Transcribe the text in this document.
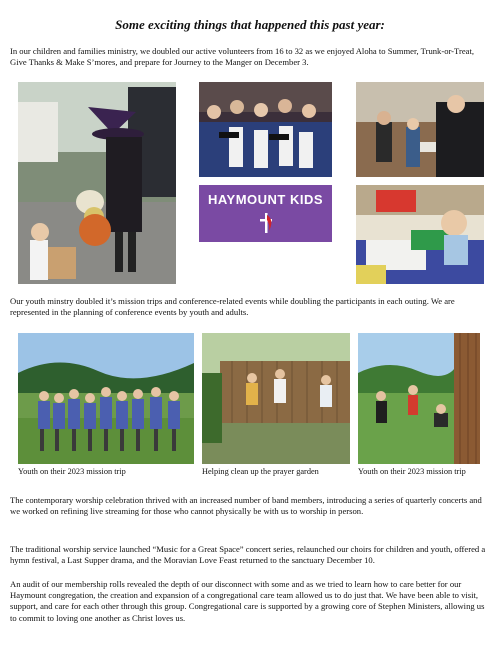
Some exciting things that happened this past year:
In our children and families ministry, we doubled our active volunteers from 16 to 32 as we enjoyed Aloha to Summer, Trunk-or-Treat, Give Thanks & Make S’mores, and prepare for Journey to the Manger on December 3.
HAYMOUNT KIDS
Our youth minstry doubled it’s mission trips and conference-related events while doubling the participants in each outing. We are represented in the planning of conference events by youth and adults.
Youth on their 2023 mission trip	Helping clean up the prayer garden	Youth on their 2023 mission trip
The contemporary worship celebration thrived with an increased number of band members, introducing a series of quarterly concerts and we worked on refining live streaming for those who cannot physically be with us to worship in person.
The traditional worship service launched “Music for a Great Space” concert series, relaunched our choirs for children and youth, offered a hymn festival, a Last Supper drama, and the Moravian Love Feast returned to the sanctuary December 10.
An audit of our membership rolls revealed the depth of our disconnect with some and as we tried to learn how to care better for our Haymount congregation, the creation and expansion of a congregational care team allowed us to do just that. We have been able to visit, support, and care for each other through this group. Congregational care is supported by a growing core of Stephen Ministers, allowing us to commit to loving one another as Christ loves us.
